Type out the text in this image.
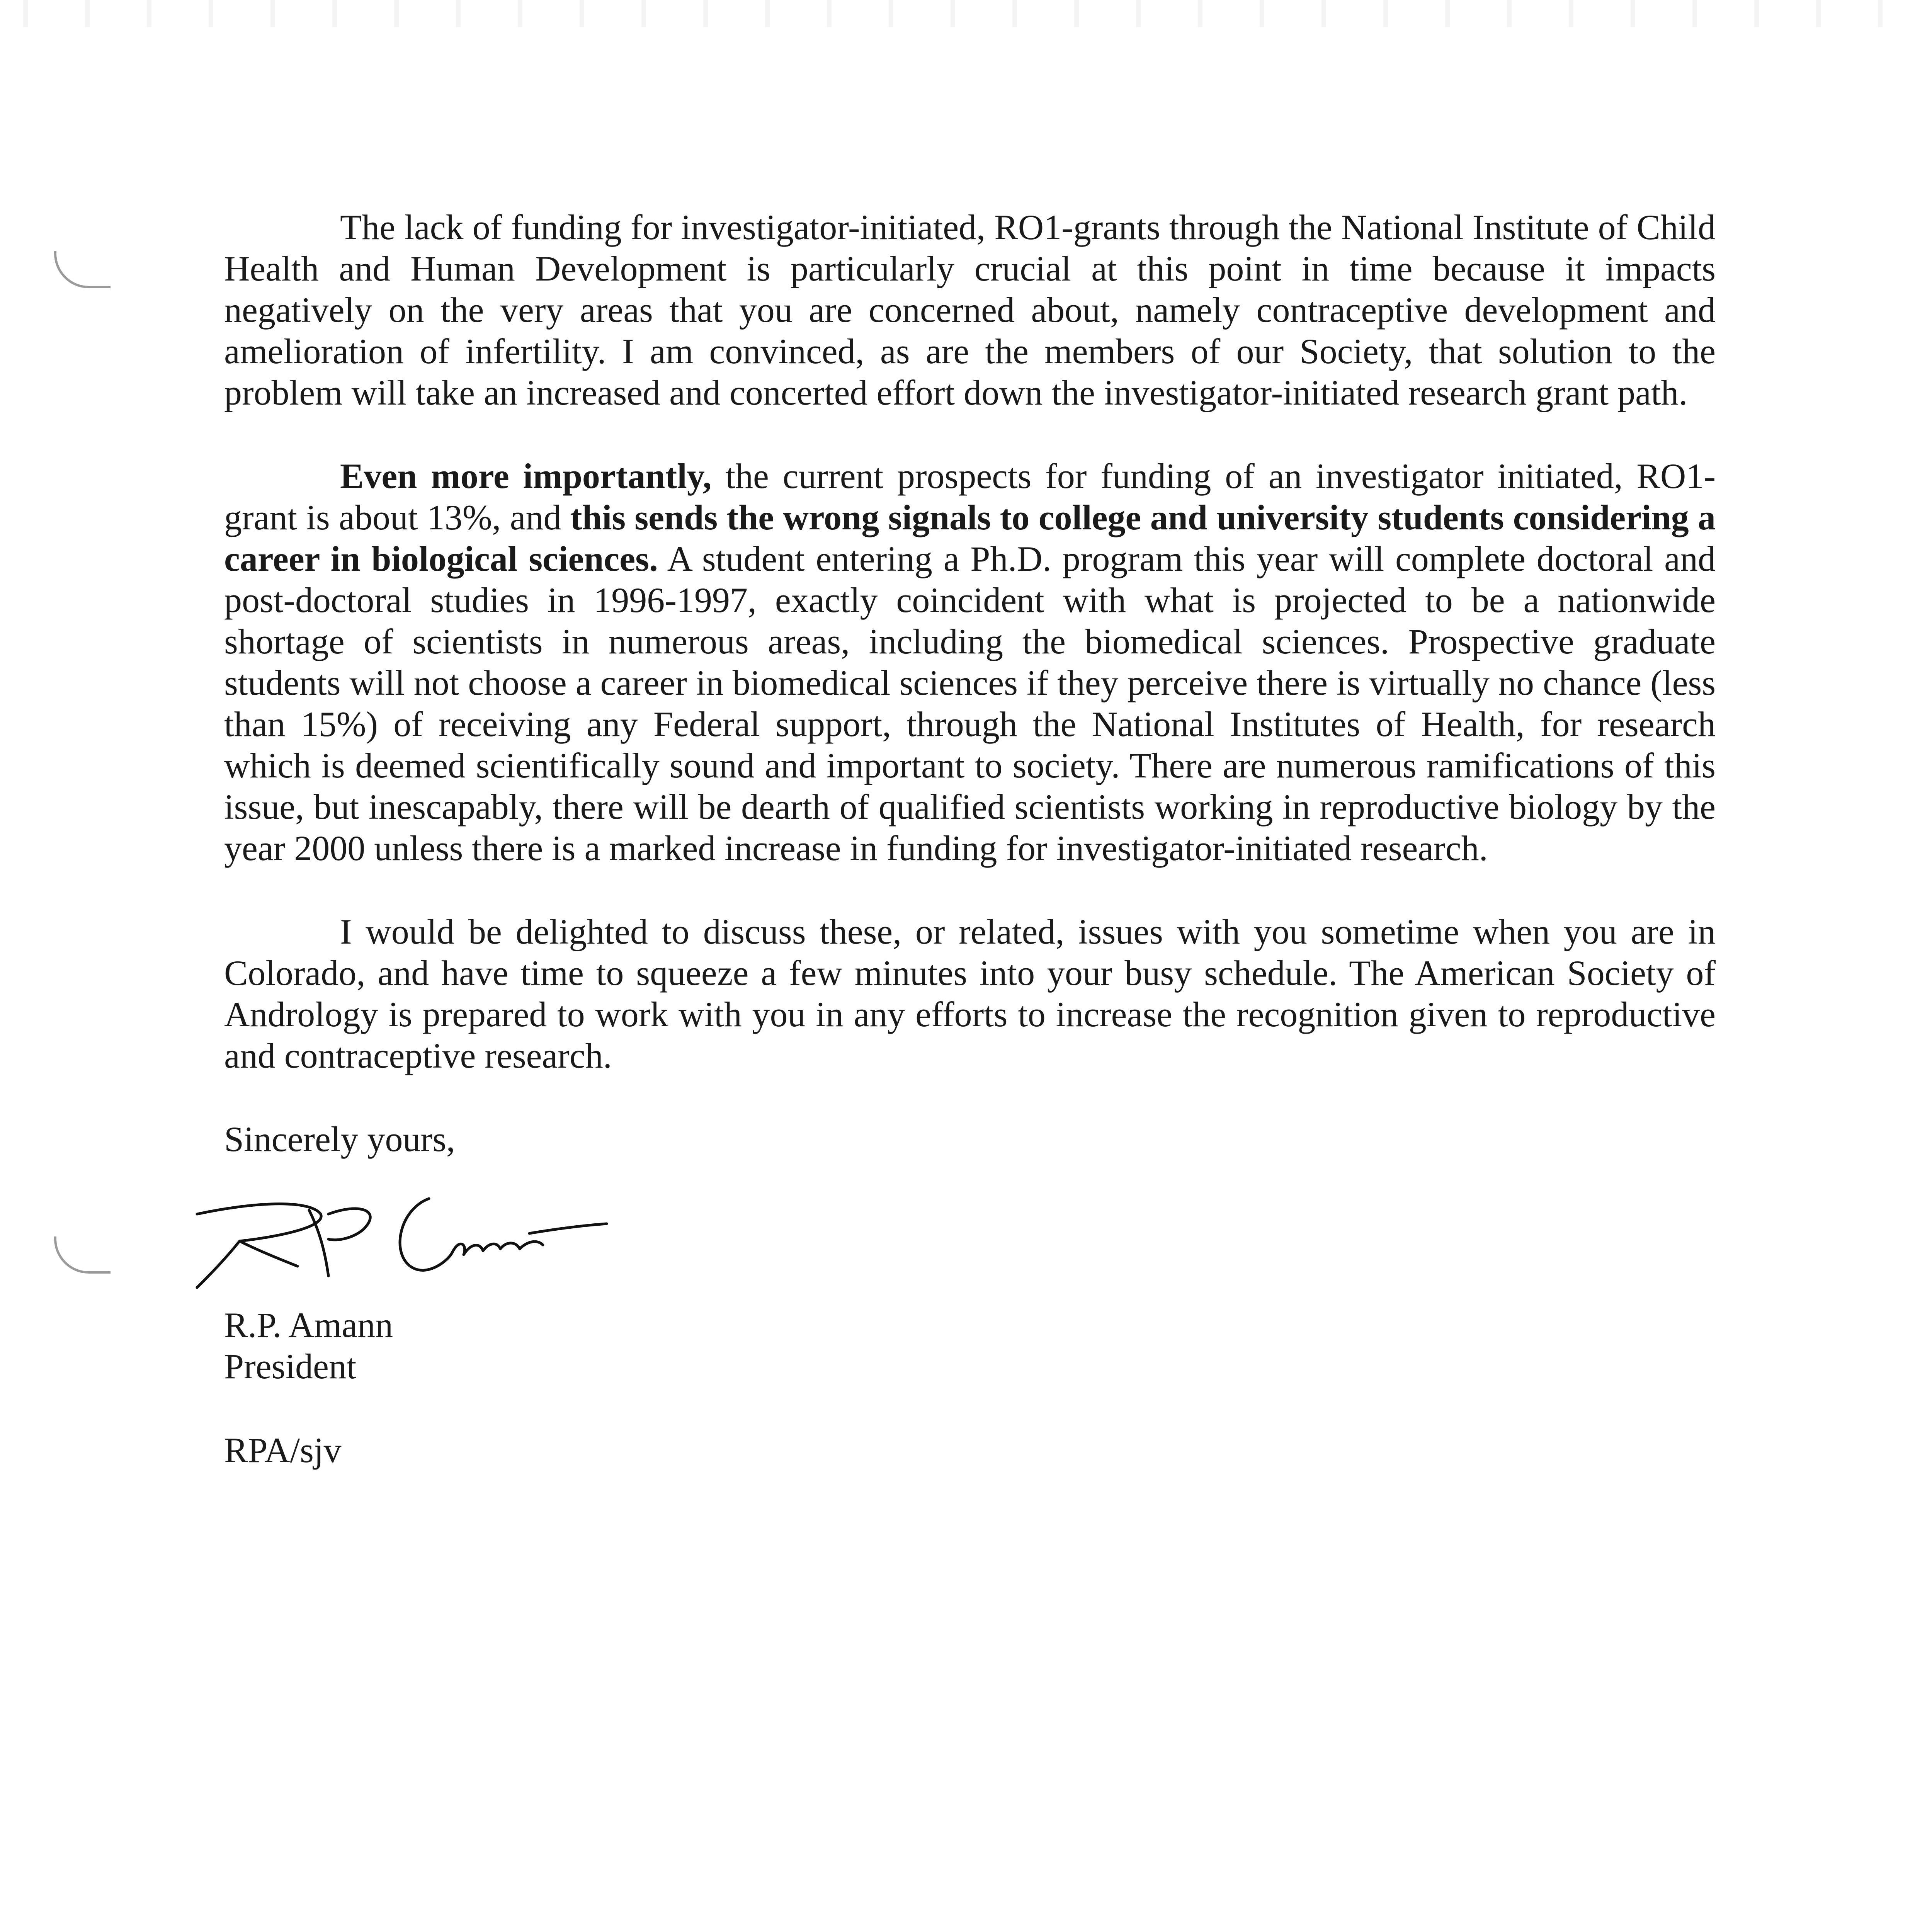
The lack of funding for investigator-initiated, RO1-grants through the National Institute of Child Health and Human Development is particularly crucial at this point in time because it impacts negatively on the very areas that you are concerned about, namely contraceptive development and amelioration of infertility. I am convinced, as are the members of our Society, that solution to the problem will take an increased and concerted effort down the investigator-initiated research grant path.

Even more importantly, the current prospects for funding of an investigator initiated, RO1-grant is about 13%, and this sends the wrong signals to college and university students considering a career in biological sciences. A student entering a Ph.D. program this year will complete doctoral and post-doctoral studies in 1996-1997, exactly coincident with what is projected to be a nationwide shortage of scientists in numerous areas, including the biomedical sciences. Prospective graduate students will not choose a career in biomedical sciences if they perceive there is virtually no chance (less than 15%) of receiving any Federal support, through the National Institutes of Health, for research which is deemed scientifically sound and important to society. There are numerous ramifications of this issue, but inescapably, there will be dearth of qualified scientists working in reproductive biology by the year 2000 unless there is a marked increase in funding for investigator-initiated research.

I would be delighted to discuss these, or related, issues with you sometime when you are in Colorado, and have time to squeeze a few minutes into your busy schedule. The American Society of Andrology is prepared to work with you in any efforts to increase the recognition given to reproductive and contraceptive research.

Sincerely yours,

R.P. Amann
President
RPA/sjv
